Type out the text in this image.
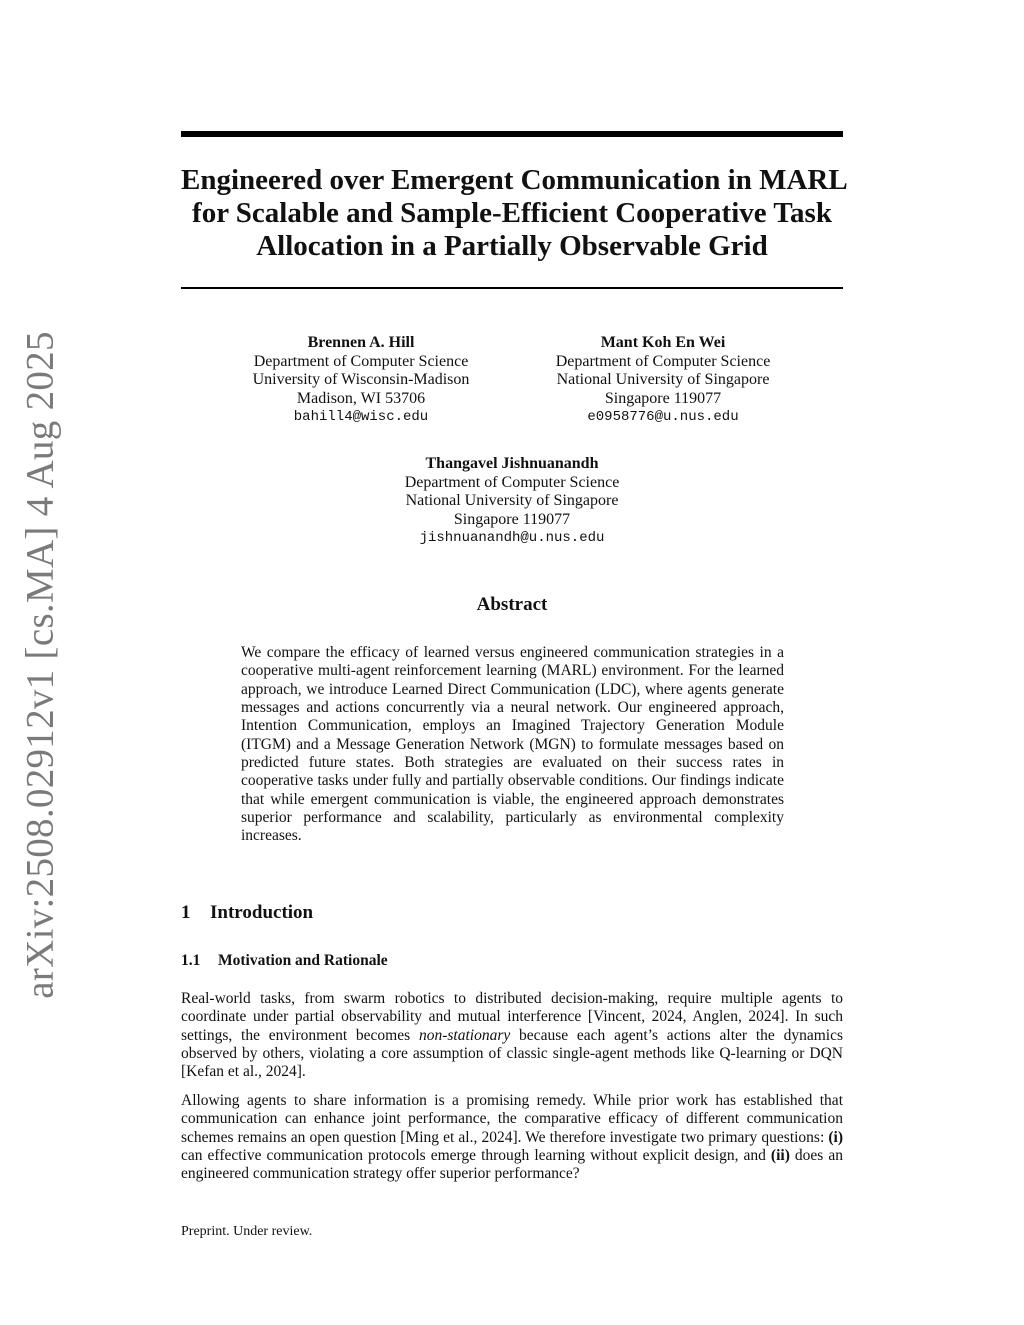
arXiv:2508.02912v1 [cs.MA] 4 Aug 2025
Engineered over Emergent Communication in MARL
for Scalable and Sample-Efficient Cooperative Task
Allocation in a Partially Observable Grid
Brennen A. Hill
Department of Computer Science
University of Wisconsin-Madison
Madison, WI 53706
bahill4@wisc.edu
Mant Koh En Wei
Department of Computer Science
National University of Singapore
Singapore 119077
e0958776@u.nus.edu
Thangavel Jishnuanandh
Department of Computer Science
National University of Singapore
Singapore 119077
jishnuanandh@u.nus.edu
Abstract
We compare the efficacy of learned versus engineered communication strategies in a cooperative multi-agent reinforcement learning (MARL) environment. For the learned approach, we introduce Learned Direct Communication (LDC), where agents generate messages and actions concurrently via a neural network. Our engineered approach, Intention Communication, employs an Imagined Trajectory Generation Module (ITGM) and a Message Generation Network (MGN) to formulate messages based on predicted future states. Both strategies are evaluated on their success rates in cooperative tasks under fully and partially observable conditions. Our findings indicate that while emergent communication is viable, the engineered approach demonstrates superior performance and scalability, particularly as environmental complexity increases.
1 Introduction
1.1 Motivation and Rationale
Real-world tasks, from swarm robotics to distributed decision-making, require multiple agents to coordinate under partial observability and mutual interference [Vincent, 2024, Anglen, 2024]. In such settings, the environment becomes non-stationary because each agent’s actions alter the dynamics observed by others, violating a core assumption of classic single-agent methods like Q-learning or DQN [Kefan et al., 2024].
Allowing agents to share information is a promising remedy. While prior work has established that communication can enhance joint performance, the comparative efficacy of different communication schemes remains an open question [Ming et al., 2024]. We therefore investigate two primary questions: (i) can effective communication protocols emerge through learning without explicit design, and (ii) does an engineered communication strategy offer superior performance?
Preprint. Under review.
